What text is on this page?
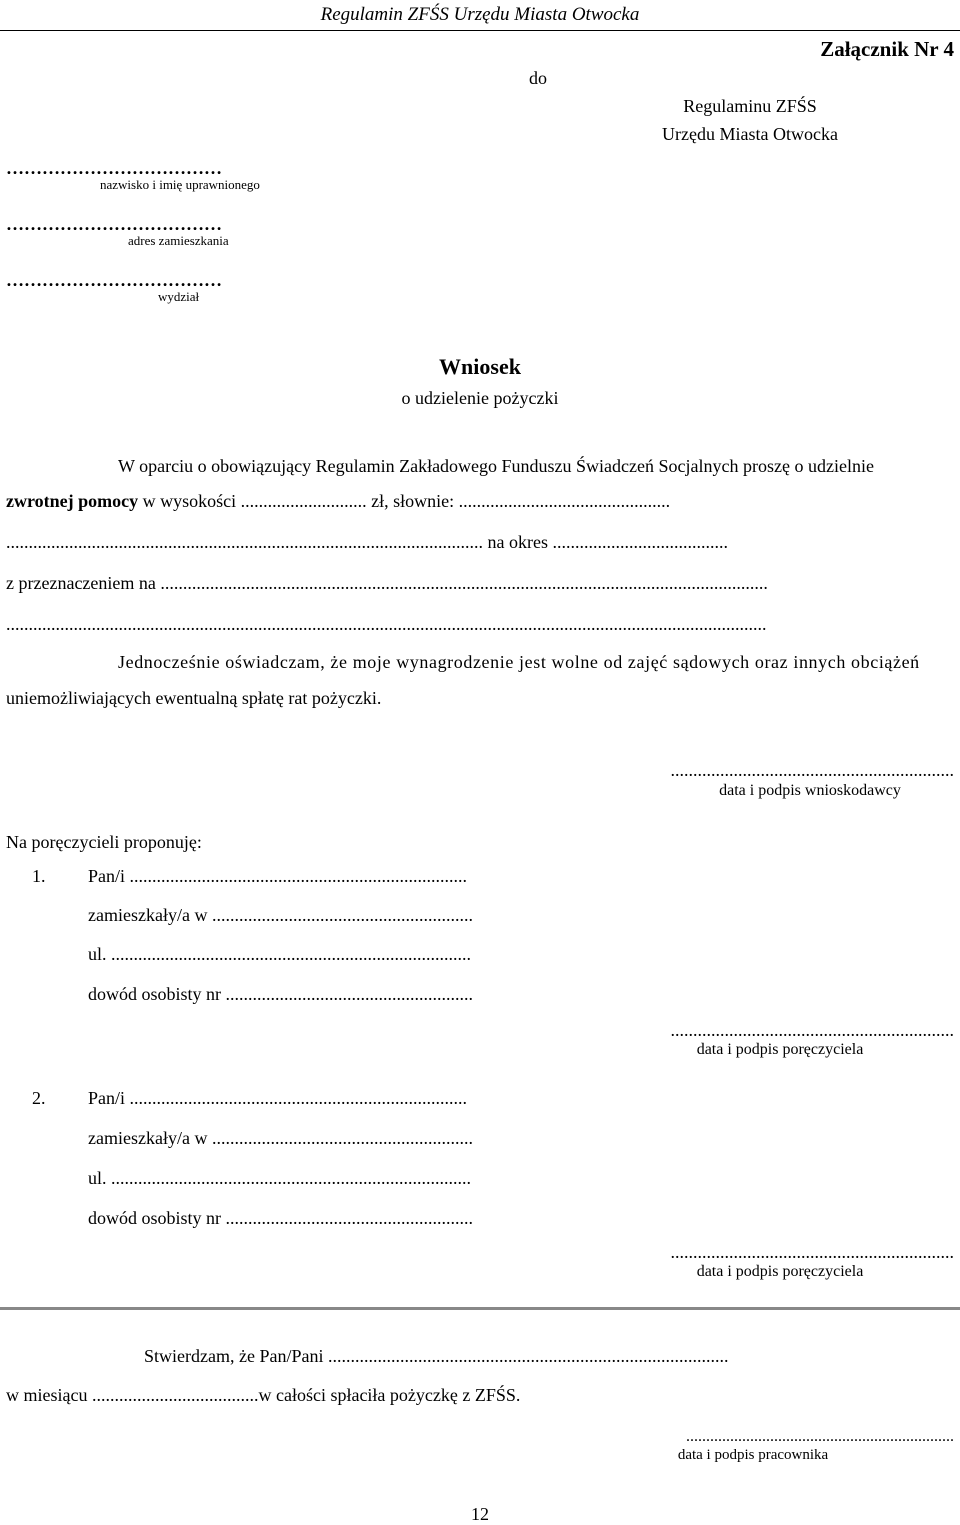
Regulamin ZFŚS Urzędu Miasta Otwocka
Załącznik Nr 4
do
Regulaminu ZFŚS
Urzędu Miasta Otwocka
………………………………
nazwisko i imię uprawnionego
………………………………
adres zamieszkania
………………………………
wydział
Wniosek
o udzielenie pożyczki
W oparciu o obowiązujący Regulamin Zakładowego Funduszu Świadczeń Socjalnych proszę o udzielnie
zwrotnej pomocy w wysokości ............................ zł, słownie: ...............................................
.......................................................................................................... na okres .......................................
z przeznaczeniem na .......................................................................................................................................
.........................................................................................................................................................................
Jednocześnie oświadczam, że moje wynagrodzenie jest wolne od zajęć sądowych oraz innych obciążeń
uniemożliwiających ewentualną spłatę rat pożyczki.
...............................................................
data i podpis wnioskodawcy
Na poręczycieli proponuję:
1. Pan/i ...........................................................................
zamieszkały/a w ..........................................................
ul. ................................................................................
dowód osobisty nr .......................................................
...............................................................
data i podpis poręczyciela
2. Pan/i ...........................................................................
zamieszkały/a w ..........................................................
ul. ................................................................................
dowód osobisty nr .......................................................
...............................................................
data i podpis poręczyciela
Stwierdzam, że Pan/Pani .........................................................................................
w miesiącu .....................................w całości spłaciła pożyczkę z ZFŚS.
...................................................................
data i podpis pracownika
12
